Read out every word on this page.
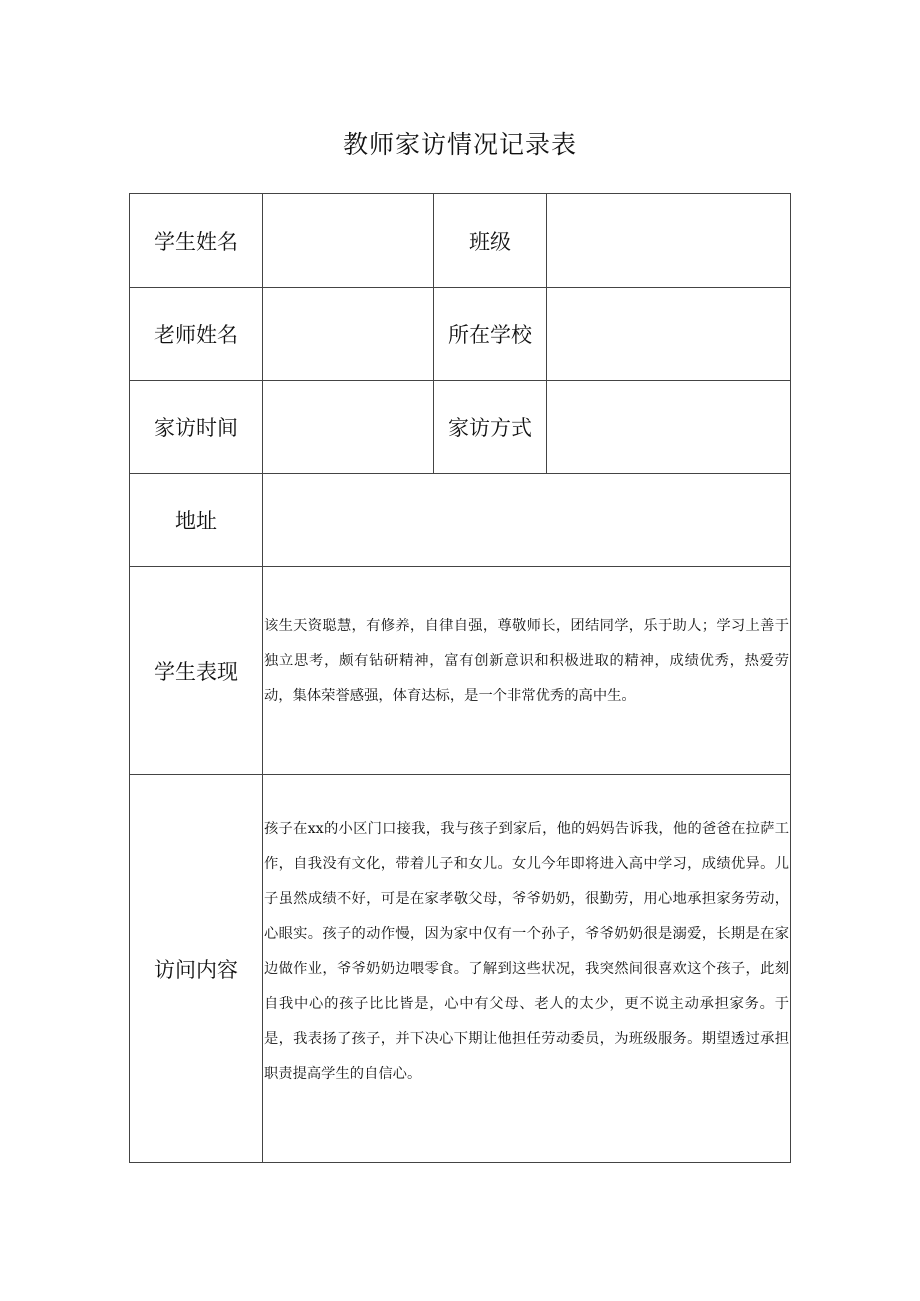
教师家访情况记录表
学生姓名		班级	
老师姓名		所在学校	
家访时间		家访方式	
地址			
学生表现	该生天资聪慧，有修养，自律自强，尊敬师长，团结同学，乐于助人；学习上善于独立思考，颇有钻研精神，富有创新意识和积极进取的精神，成绩优秀，热爱劳动，集体荣誉感强，体育达标，是一个非常优秀的高中生。		

访问内容	孩子在xx的小区门口接我，我与孩子到家后，他的妈妈告诉我，他的爸爸在拉萨工作，自我没有文化，带着儿子和女儿。女儿今年即将进入高中学习，成绩优异。儿子虽然成绩不好，可是在家孝敬父母，爷爷奶奶，很勤劳，用心地承担家务劳动，心眼实。孩子的动作慢，因为家中仅有一个孙子，爷爷奶奶很是溺爱，长期是在家边做作业，爷爷奶奶边喂零食。了解到这些状况，我突然间很喜欢这个孩子，此刻自我中心的孩子比比皆是，心中有父母、老人的太少，更不说主动承担家务。于是，我表扬了孩子，并下决心下期让他担任劳动委员，为班级服务。期望透过承担职责提高学生的自信心。		
